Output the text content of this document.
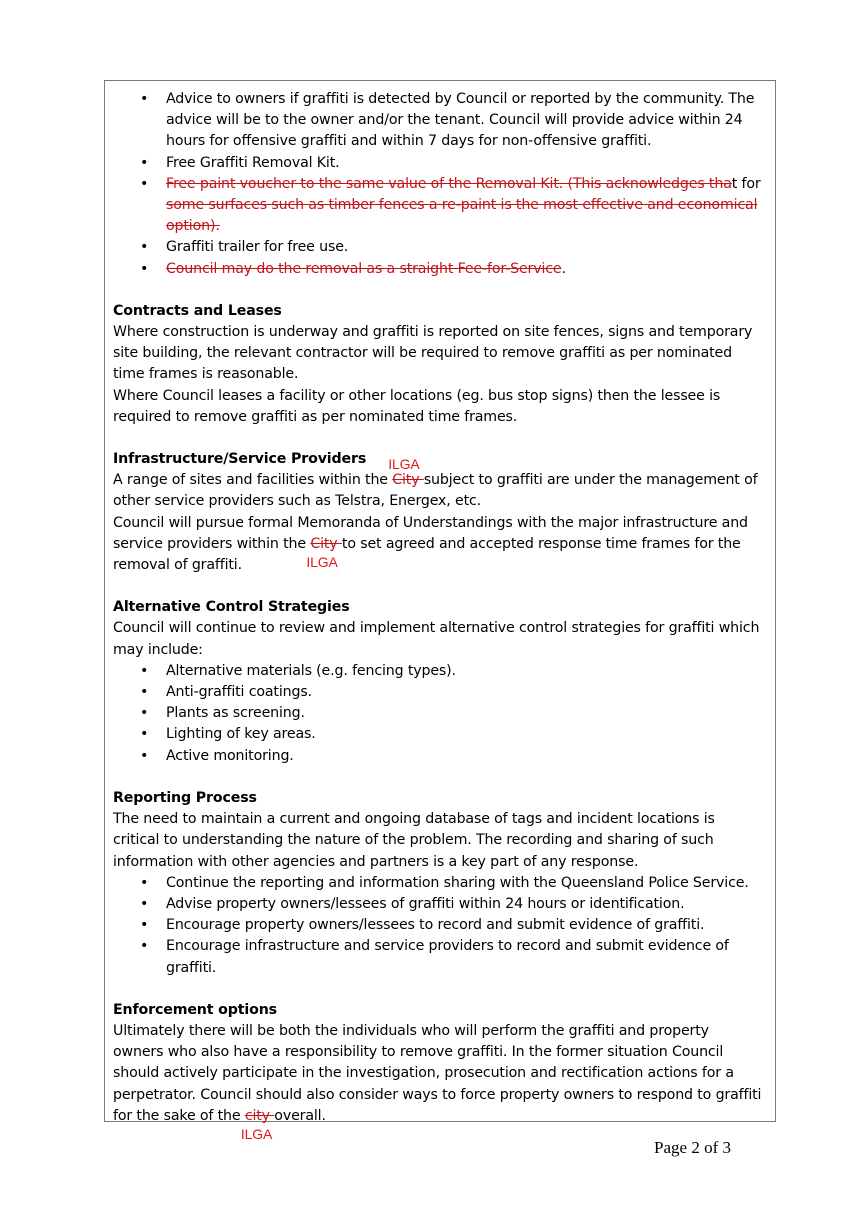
• Advice to owners if graffiti is detected by Council or reported by the community. The advice will be to the owner and/or the tenant. Council will provide advice within 24 hours for offensive graffiti and within 7 days for non-offensive graffiti.
• Free Graffiti Removal Kit.
• Free paint voucher to the same value of the Removal Kit. (This acknowledges that for some surfaces such as timber fences a re-paint is the most effective and economical option).
• Graffiti trailer for free use.
• Council may do the removal as a straight Fee-for-Service.

Contracts and Leases

Where construction is underway and graffiti is reported on site fences, signs and temporary site building, the relevant contractor will be required to remove graffiti as per nominated time frames is reasonable.

Where Council leases a facility or other locations (eg. bus stop signs) then the lessee is required to remove graffiti as per nominated time frames.

Infrastructure/Service Providers

A range of sites and facilities within the
ILGA
City subject to graffiti are under the management of other service providers such as Telstra, Energex, etc.

Council will pursue formal Memoranda of Understandings with the major infrastructure and service providers within the
ILGA
City to set agreed and accepted response time frames for the removal of graffiti.

Alternative Control Strategies

Council will continue to review and implement alternative control strategies for graffiti which may include:

• Alternative materials (e.g. fencing types).
• Anti-graffiti coatings.
• Plants as screening.
• Lighting of key areas.
• Active monitoring.

Reporting Process

The need to maintain a current and ongoing database of tags and incident locations is critical to understanding the nature of the problem. The recording and sharing of such information with other agencies and partners is a key part of any response.

• Continue the reporting and information sharing with the Queensland Police Service.
• Advise property owners/lessees of graffiti within 24 hours or identification.
• Encourage property owners/lessees to record and submit evidence of graffiti.
• Encourage infrastructure and service providers to record and submit evidence of graffiti.

Enforcement options

Ultimately there will be both the individuals who will perform the graffiti and property owners who also have a responsibility to remove graffiti. In the former situation Council should actively participate in the investigation, prosecution and rectification actions for a perpetrator. Council should also consider ways to force property owners to respond to graffiti for the sake of the
ILGA
city overall.

Page 2 of 3
